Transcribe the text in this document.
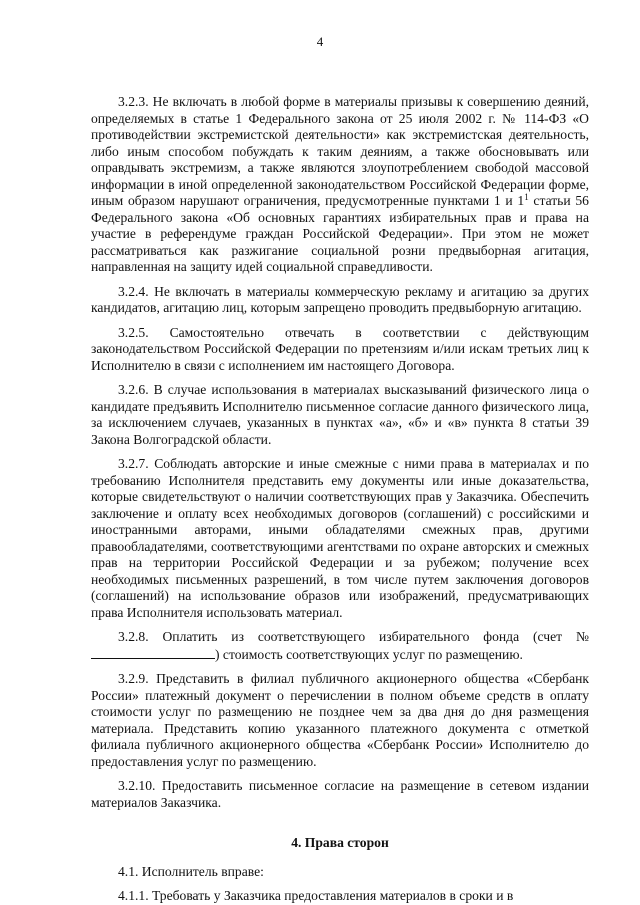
4

3.2.3. Не включать в любой форме в материалы призывы к совершению деяний, определяемых в статье 1 Федерального закона от 25 июля 2002 г. № 114-ФЗ «О противодействии экстремистской деятельности» как экстремистская деятельность, либо иным способом побуждать к таким деяниям, а также обосновывать или оправдывать экстремизм, а также являются злоупотреблением свободой массовой информации в иной определенной законодательством Российской Федерации форме, иным образом нарушают ограничения, предусмотренные пунктами 1 и $1^1$ статьи 56 Федерального закона «Об основных гарантиях избирательных прав и права на участие в референдуме граждан Российской Федерации». При этом не может рассматриваться как разжигание социальной розни предвыборная агитация, направленная на защиту идей социальной справедливости.

3.2.4. Не включать в материалы коммерческую рекламу и агитацию за других кандидатов, агитацию лиц, которым запрещено проводить предвыборную агитацию.

3.2.5. Самостоятельно отвечать в соответствии с действующим законодательством Российской Федерации по претензиям и/или искам третьих лиц к Исполнителю в связи с исполнением им настоящего Договора.

3.2.6. В случае использования в материалах высказываний физического лица о кандидате предъявить Исполнителю письменное согласие данного физического лица, за исключением случаев, указанных в пунктах «а», «б» и «в» пункта 8 статьи 39 Закона Волгоградской области.

3.2.7. Соблюдать авторские и иные смежные с ними права в материалах и по требованию Исполнителя представить ему документы или иные доказательства, которые свидетельствуют о наличии соответствующих прав у Заказчика. Обеспечить заключение и оплату всех необходимых договоров (соглашений) с российскими и иностранными авторами, иными обладателями смежных прав, другими правообладателями, соответствующими агентствами по охране авторских и смежных прав на территории Российской Федерации и за рубежом; получение всех необходимых письменных разрешений, в том числе путем заключения договоров (соглашений) на использование образов или изображений, предусматривающих права Исполнителя использовать материал.

3.2.8. Оплатить из соответствующего избирательного фонда (счет № ) стоимость соответствующих услуг по размещению.

3.2.9. Представить в филиал публичного акционерного общества «Сбербанк России» платежный документ о перечислении в полном объеме средств в оплату стоимости услуг по размещению не позднее чем за два дня до дня размещения материала. Представить копию указанного платежного документа с отметкой филиала публичного акционерного общества «Сбербанк России» Исполнителю до предоставления услуг по размещению.

3.2.10. Предоставить письменное согласие на размещение в сетевом издании материалов Заказчика.

4. Права сторон

4.1. Исполнитель вправе:

4.1.1. Требовать у Заказчика предоставления материалов в сроки и в
